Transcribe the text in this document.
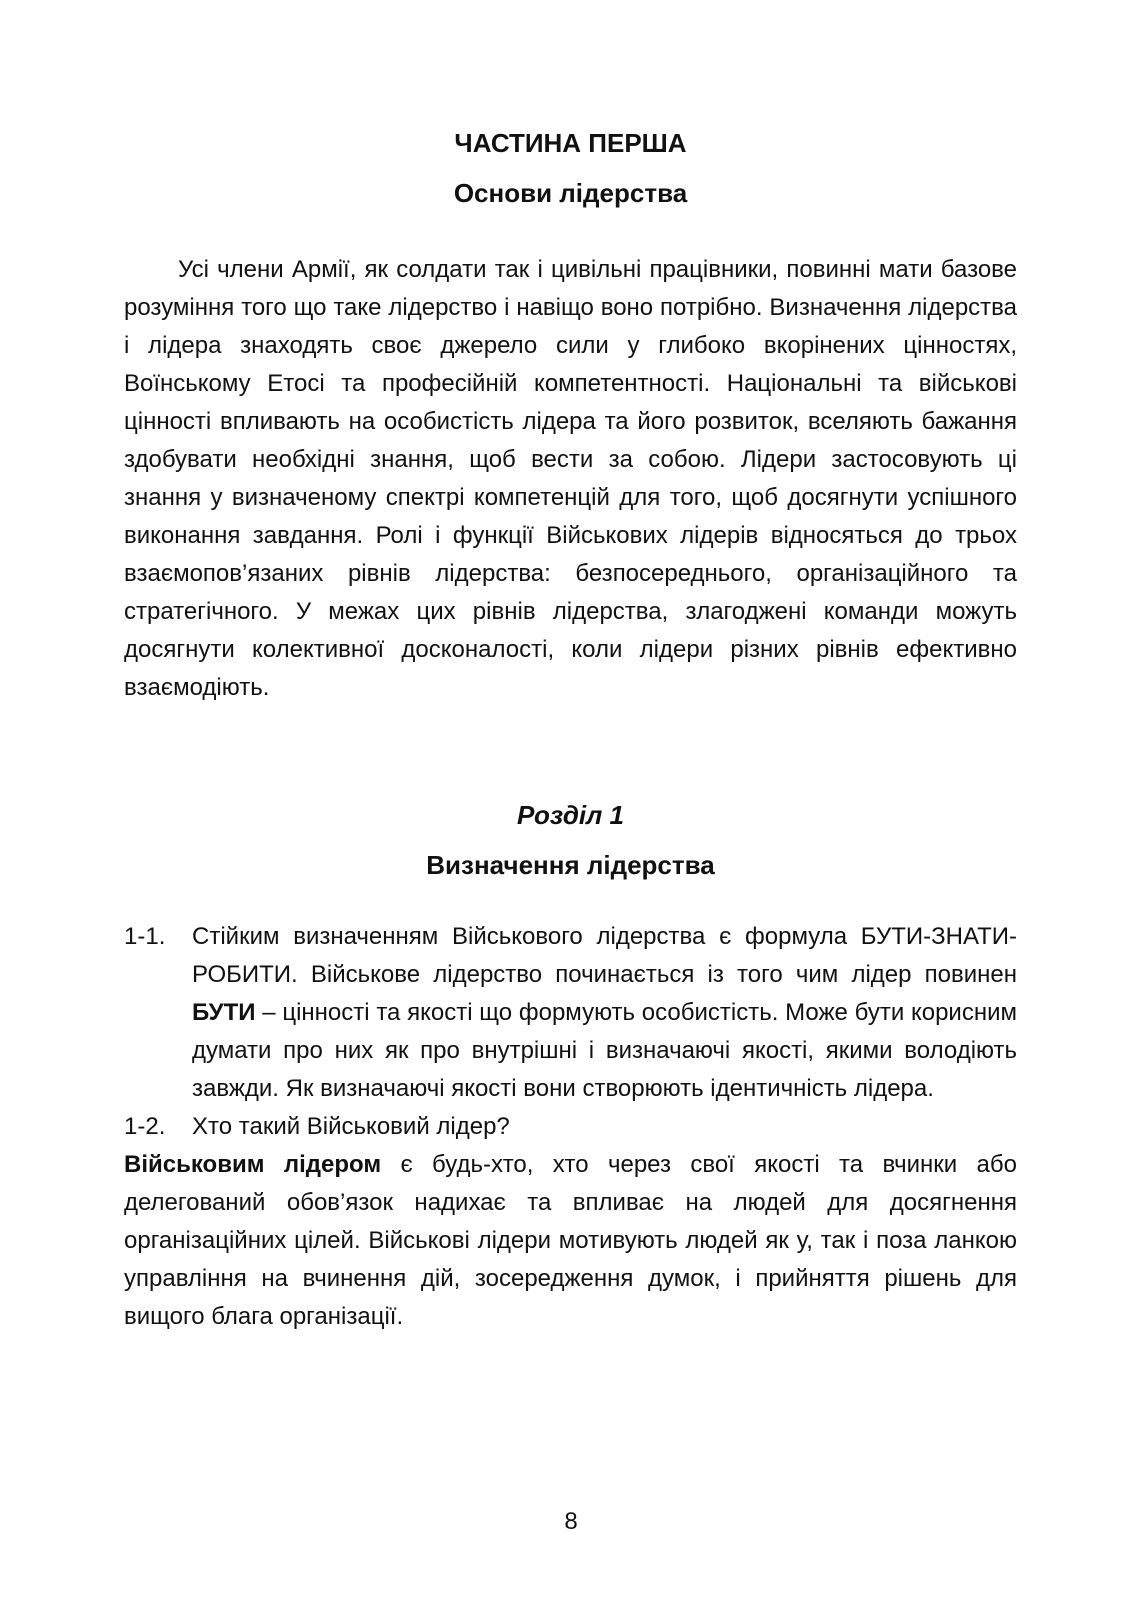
ЧАСТИНА ПЕРША
Основи лідерства

Усі члени Армії, як солдати так і цивільні працівники, повинні мати базове розуміння того що таке лідерство і навіщо воно потрібно. Визначення лідерства і лідера знаходять своє джерело сили у глибоко вкорінених цінностях, Воїнському Етосі та професійній компетентності. Національні та військові цінності впливають на особистість лідера та його розвиток, вселяють бажання здобувати необхідні знання, щоб вести за собою. Лідери застосовують ці знання у визначеному спектрі компетенцій для того, щоб досягнути успішного виконання завдання. Ролі і функції Військових лідерів відносяться до трьох взаємопов’язаних рівнів лідерства: безпосереднього, організаційного та стратегічного. У межах цих рівнів лідерства, злагоджені команди можуть досягнути колективної досконалості, коли лідери різних рівнів ефективно взаємодіють.

Розділ 1
Визначення лідерства
1-1.	Стійким визначенням Військового лідерства є формула БУТИ-ЗНАТИ-РОБИТИ. Військове лідерство починається із того чим лідер повинен БУТИ – цінності та якості що формують особистість. Може бути корисним думати про них як про внутрішні і визначаючі якості, якими володіють завжди. Як визначаючі якості вони створюють ідентичність лідера.
1-2.	Хто такий Військовий лідер?

Військовим лідером є будь-хто, хто через свої якості та вчинки або делегований обов’язок надихає та впливає на людей для досягнення організаційних цілей. Військові лідери мотивують людей як у, так і поза ланкою управління на вчинення дій, зосередження думок, і прийняття рішень для вищого блага організації.

8
